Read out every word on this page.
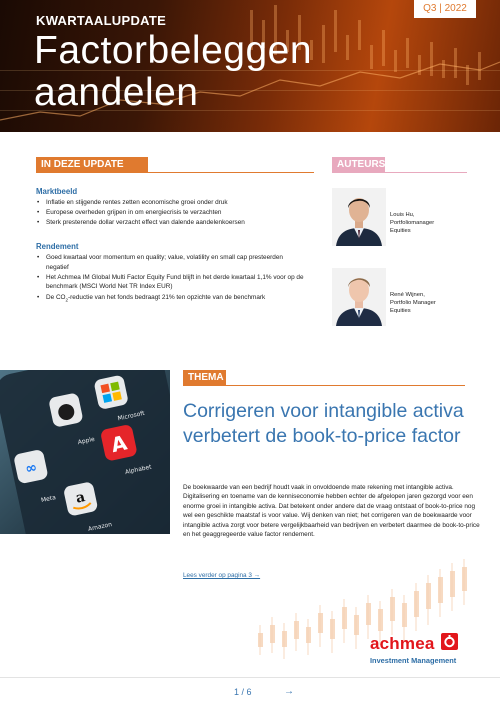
KWARTAALUPDATE
Factorbeleggen
aandelen
Q3 | 2022
IN DEZE UPDATE
Marktbeeld
• Inflatie en stijgende rentes zetten economische groei onder druk
• Europese overheden grijpen in om energiecrisis te verzachten
• Sterk presterende dollar verzacht effect van dalende aandelenkoersen
Rendement
• Goed kwartaal voor momentum en quality; value, volatility en small cap presteerden negatief
• Het Achmea IM Global Multi Factor Equity Fund blijft in het derde kwartaal 1,1% voor op de benchmark (MSCI World Net TR Index EUR)
• De $CO_2$-reductie van het fonds bedraagt 21% ten opzichte van de benchmark
AUTEURS
Louis Hu,
Portfoliomanager
Equities
René Wijnen,
Portfolio Manager
Equities
∞
A
a
Apple
Microsoft
Meta
Alphabet
Amazon
THEMA
Corrigeren voor intangible activa verbetert de book-to-price factor
De boekwaarde van een bedrijf houdt vaak in onvoldoende mate rekening met intangible activa. Digitalisering en toename van de kenniseconomie hebben echter de afgelopen jaren gezorgd voor een enorme groei in intangible activa. Dat betekent onder andere dat de vraag ontstaat of book-to-price nog wel een geschikte maatstaf is voor value. Wij denken van niet; het corrigeren van de boekwaarde voor intangible activa zorgt voor betere vergelijkbaarheid van bedrijven en verbetert daarmee de book-to-price en het geaggregeerde value factor rendement.
Lees verder op pagina 3 →
achmea
Investment Management
1 / 6	→
